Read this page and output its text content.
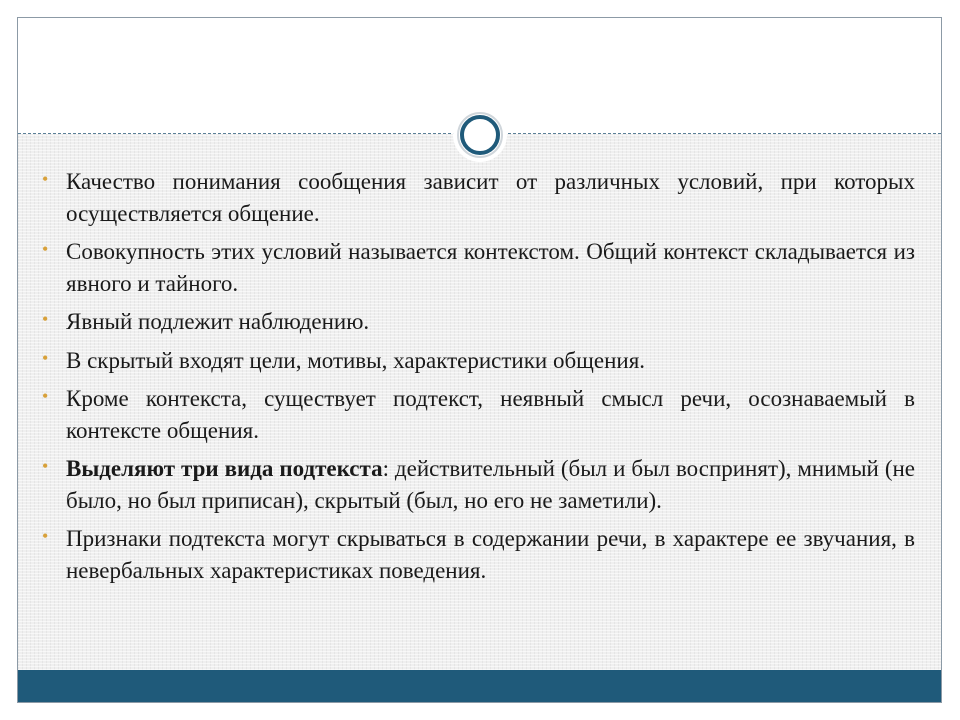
• Качество понимания сообщения зависит от различных условий, при которых осуществляется общение.
• Совокупность этих условий называется контекстом. Общий контекст складывается из явного и тайного.
• Явный подлежит наблюдению.
• В скрытый входят цели, мотивы, характеристики общения.
• Кроме контекста, существует подтекст, неявный смысл речи, осознаваемый в контексте общения.
• Выделяют три вида подтекста: действительный (был и был воспринят), мнимый (не было, но был приписан), скрытый (был, но его не заметили).
• Признаки подтекста могут скрываться в содержании речи, в характере ее звучания, в невербальных характеристиках поведения.
